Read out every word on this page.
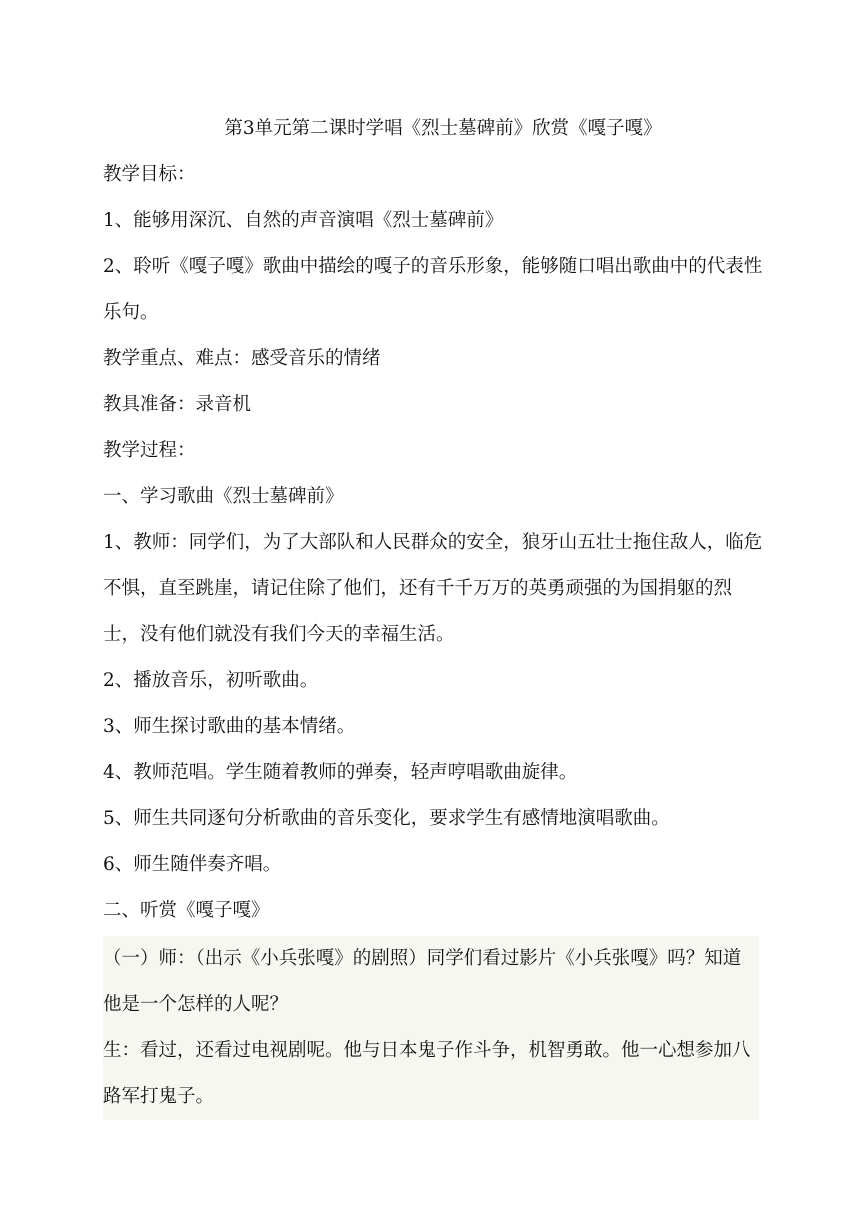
第3单元第二课时学唱《烈士墓碑前》欣赏《嘎子嘎》

教学目标：

1、能够用深沉、自然的声音演唱《烈士墓碑前》

2、聆听《嘎子嘎》歌曲中描绘的嘎子的音乐形象，能够随口唱出歌曲中的代表性乐句。

教学重点、难点：感受音乐的情绪

教具准备：录音机

教学过程：

一、学习歌曲《烈士墓碑前》

1、教师：同学们，为了大部队和人民群众的安全，狼牙山五壮士拖住敌人，临危不惧，直至跳崖，请记住除了他们，还有千千万万的英勇顽强的为国捐躯的烈士，没有他们就没有我们今天的幸福生活。

2、播放音乐，初听歌曲。

3、师生探讨歌曲的基本情绪。

4、教师范唱。学生随着教师的弹奏，轻声哼唱歌曲旋律。

5、师生共同逐句分析歌曲的音乐变化，要求学生有感情地演唱歌曲。

6、师生随伴奏齐唱。

二、听赏《嘎子嘎》

（一）师：（出示《小兵张嘎》的剧照）同学们看过影片《小兵张嘎》吗？知道他是一个怎样的人呢？

生：看过，还看过电视剧呢。他与日本鬼子作斗争，机智勇敢。他一心想参加八路军打鬼子。
